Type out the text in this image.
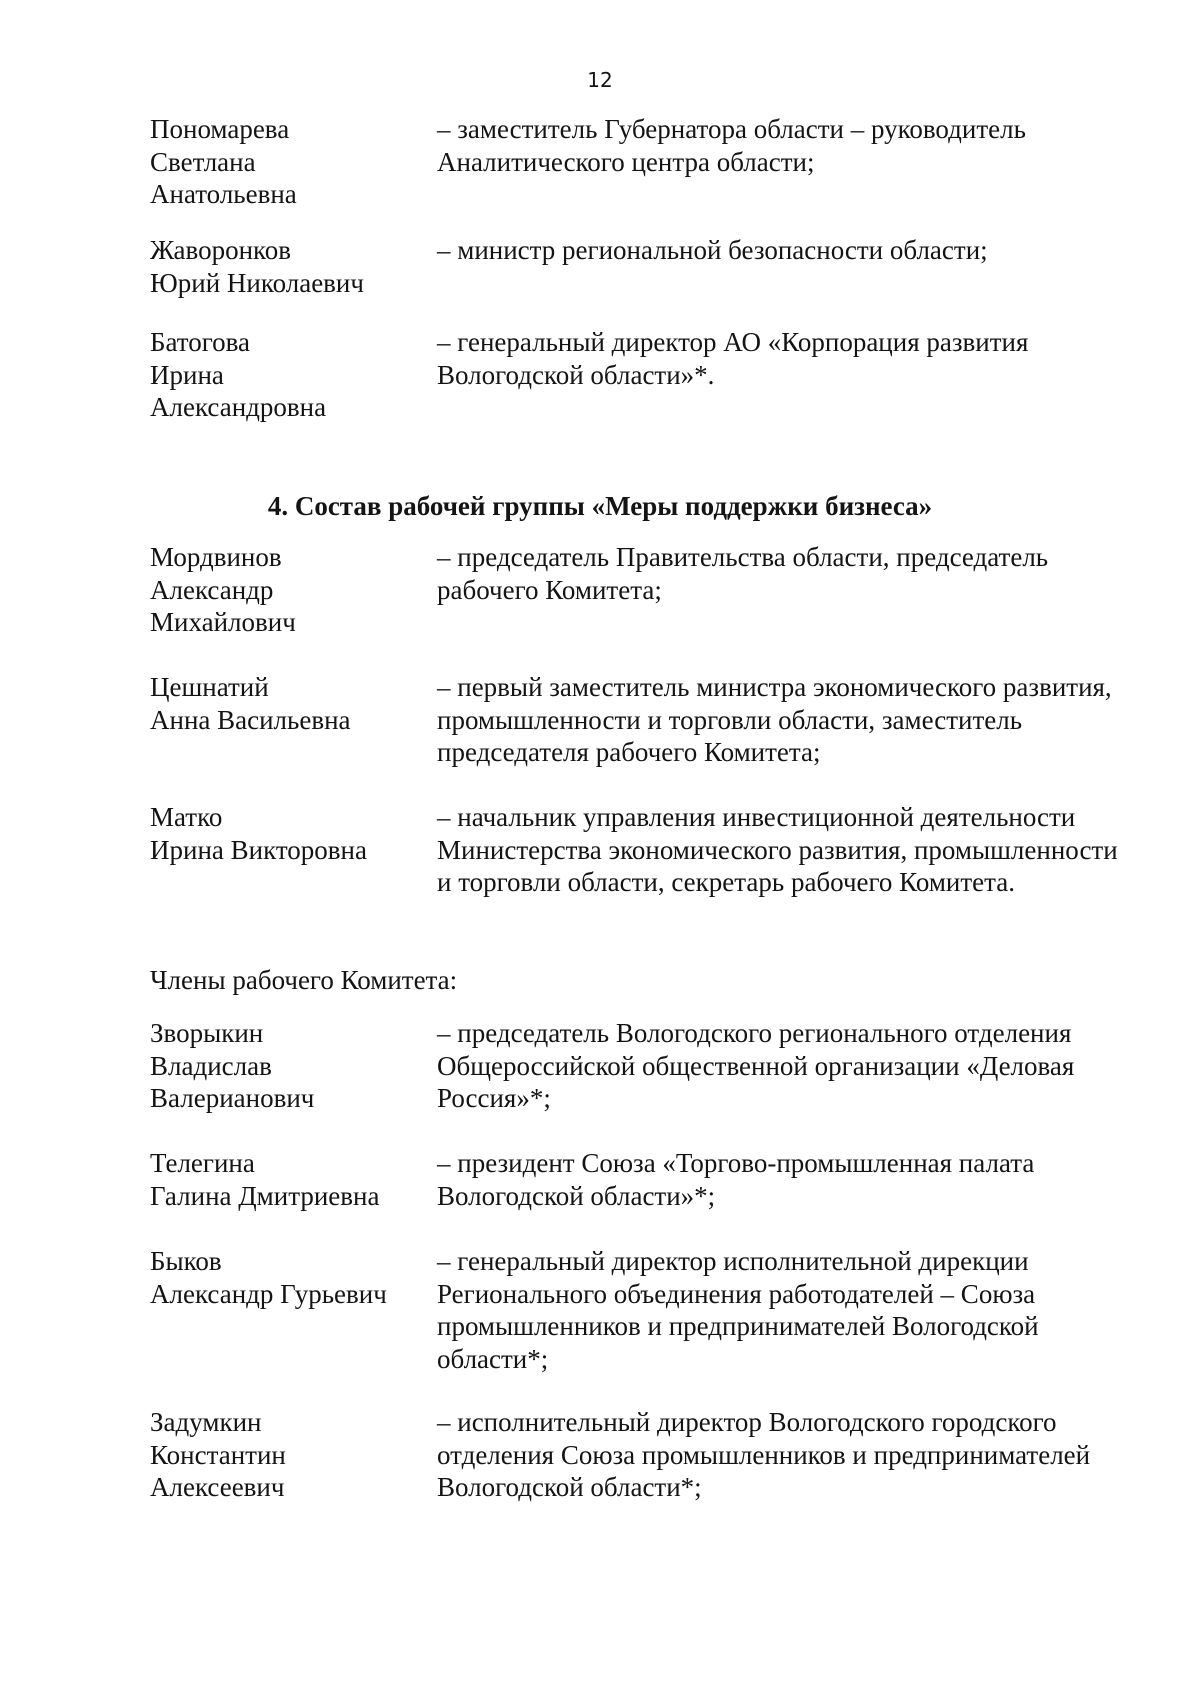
12
Пономарева
Светлана
Анатольевна
– заместитель Губернатора области – руководитель Аналитического центра области;
Жаворонков
Юрий Николаевич
– министр региональной безопасности области;
Батогова
Ирина
Александровна
– генеральный директор АО «Корпорация развития Вологодской области»*.
4. Состав рабочей группы «Меры поддержки бизнеса»
Мордвинов
Александр
Михайлович
– председатель Правительства области, председатель рабочего Комитета;
Цешнатий
Анна Васильевна
– первый заместитель министра экономического развития, промышленности и торговли области, заместитель председателя рабочего Комитета;
Матко
Ирина Викторовна
– начальник управления инвестиционной деятельности Министерства экономического развития, промышленности и торговли области, секретарь рабочего Комитета.
Члены рабочего Комитета:
Зворыкин
Владислав
Валерианович
– председатель Вологодского регионального отделения Общероссийской общественной организации «Деловая Россия»*;
Телегина
Галина Дмитриевна
– президент Союза «Торгово-промышленная палата Вологодской области»*;
Быков
Александр Гурьевич
– генеральный директор исполнительной дирекции Регионального объединения работодателей – Союза промышленников и предпринимателей Вологодской области*;
Задумкин
Константин
Алексеевич
– исполнительный директор Вологодского городского отделения Союза промышленников и предпринимателей Вологодской области*;
